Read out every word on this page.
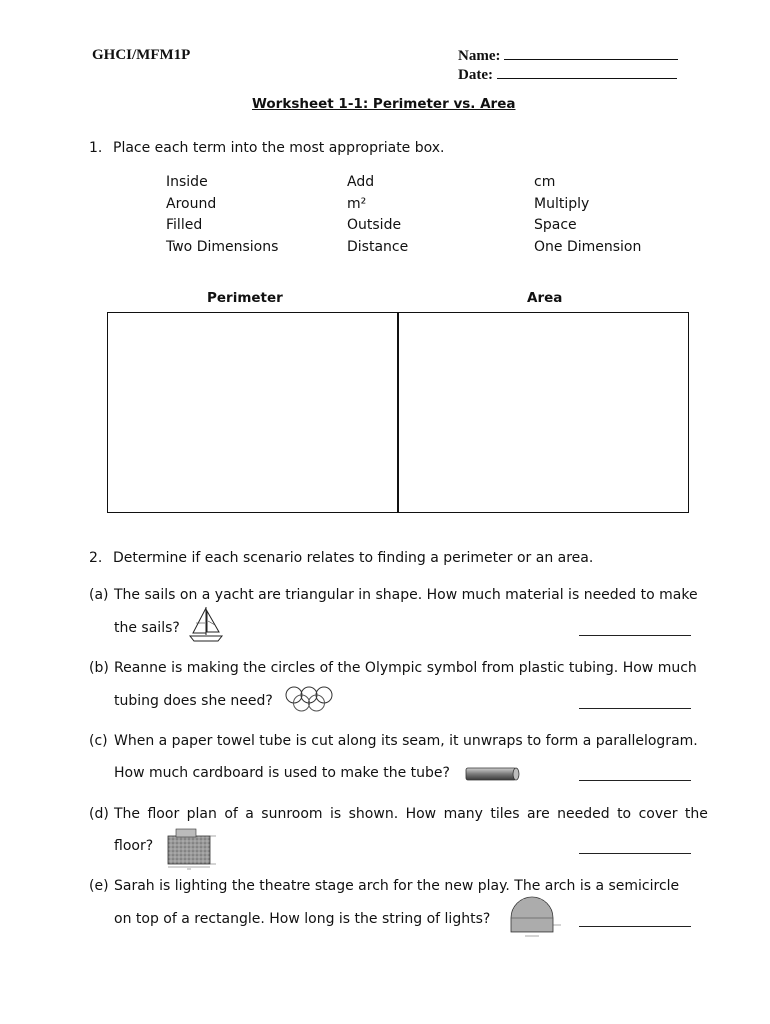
GHCI/MFM1P	Name:
Date:
Worksheet 1-1: Perimeter vs. Area
1. Place each term into the most appropriate box.
Inside	Add	cm
Around	m²	Multiply
Filled	Outside	Space
Two Dimensions	Distance	One Dimension
Perimeter	Area
2. Determine if each scenario relates to finding a perimeter or an area.
(a) The sails on a yacht are triangular in shape. How much material is needed to make
the sails?
(b) Reanne is making the circles of the Olympic symbol from plastic tubing. How much
tubing does she need?
(c) When a paper towel tube is cut along its seam, it unwraps to form a parallelogram.
How much cardboard is used to make the tube?
(d) The floor plan of a sunroom is shown. How many tiles are needed to cover the
floor?
(e) Sarah is lighting the theatre stage arch for the new play. The arch is a semicircle
on top of a rectangle. How long is the string of lights?
